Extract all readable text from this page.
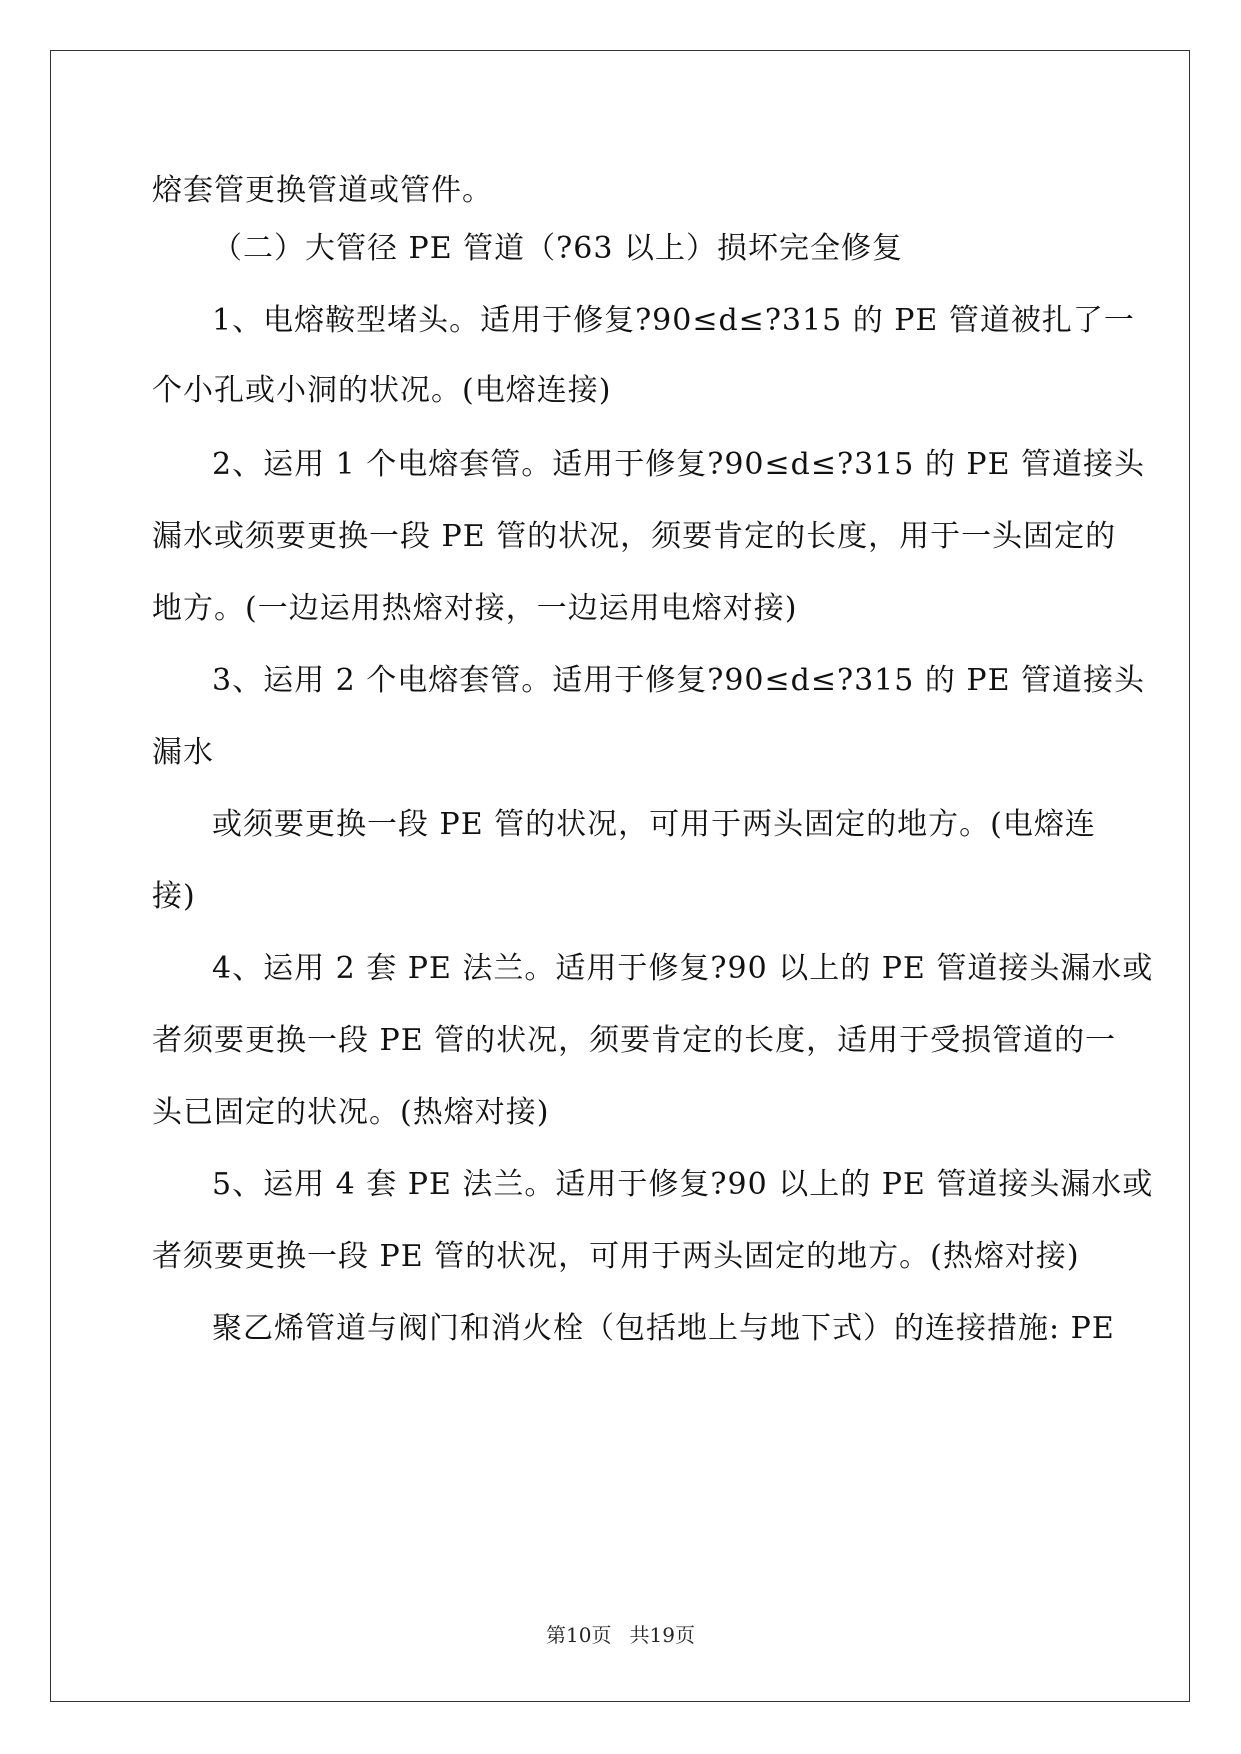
熔套管更换管道或管件。
（二）大管径 PE 管道（?63 以上）损坏完全修复
1、电熔鞍型堵头。适用于修复?90≤d≤?315 的 PE 管道被扎了一
个小孔或小洞的状况。(电熔连接)
2、运用 1 个电熔套管。适用于修复?90≤d≤?315 的 PE 管道接头
漏水或须要更换一段 PE 管的状况，须要肯定的长度，用于一头固定的
地方。(一边运用热熔对接，一边运用电熔对接)
3、运用 2 个电熔套管。适用于修复?90≤d≤?315 的 PE 管道接头
漏水
或须要更换一段 PE 管的状况，可用于两头固定的地方。(电熔连
接)
4、运用 2 套 PE 法兰。适用于修复?90 以上的 PE 管道接头漏水或
者须要更换一段 PE 管的状况，须要肯定的长度，适用于受损管道的一
头已固定的状况。(热熔对接)
5、运用 4 套 PE 法兰。适用于修复?90 以上的 PE 管道接头漏水或
者须要更换一段 PE 管的状况，可用于两头固定的地方。(热熔对接)
聚乙烯管道与阀门和消火栓（包括地上与地下式）的连接措施: PE
第10页 共19页
